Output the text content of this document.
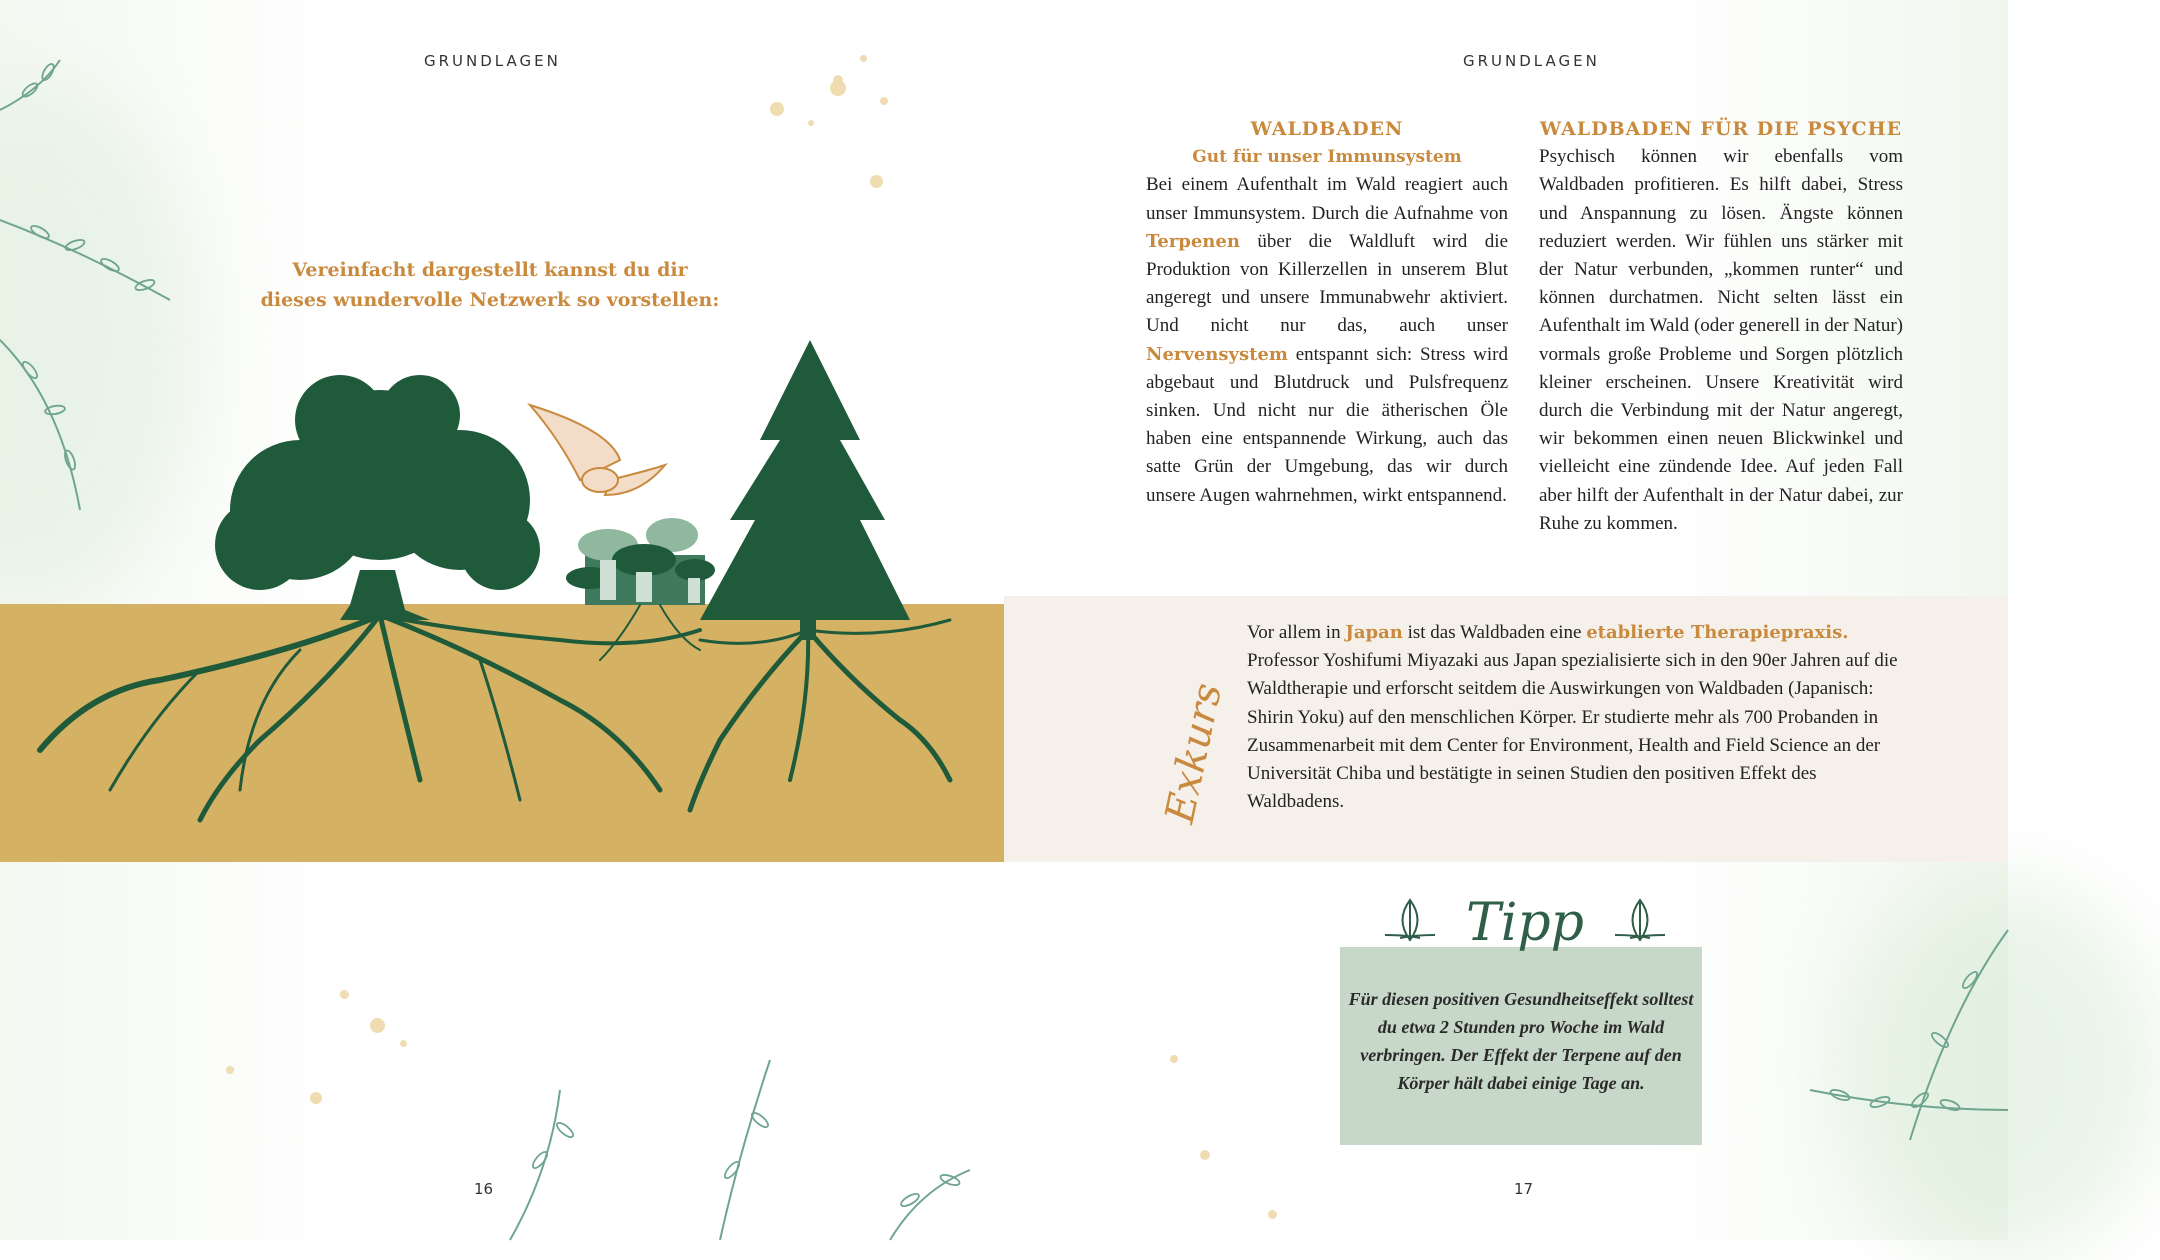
GRUNDLAGEN	GRUNDLAGEN
16	17
Vereinfacht dargestellt kannst du dir
dieses wundervolle Netzwerk so vorstellen:
WALDBADEN

Gut für unser Immunsystem

Bei einem Aufenthalt im Wald reagiert auch unser Immunsystem. Durch die Aufnahme von Terpenen über die Waldluft wird die Produktion von Killerzellen in unserem Blut angeregt und unsere Immunabwehr aktiviert. Und nicht nur das, auch unser Nervensystem entspannt sich: Stress wird abgebaut und Blutdruck und Pulsfrequenz sinken. Und nicht nur die ätherischen Öle haben eine entspannende Wirkung, auch das satte Grün der Umgebung, das wir durch unsere Augen wahrnehmen, wirkt entspannend.

WALDBADEN FÜR DIE PSYCHE

Psychisch können wir ebenfalls vom Waldbaden profitieren. Es hilft dabei, Stress und Anspannung zu lösen. Ängste können reduziert werden. Wir fühlen uns stärker mit der Natur verbunden, „kommen runter“ und können durchatmen. Nicht selten lässt ein Aufenthalt im Wald (oder generell in der Natur) vormals große Probleme und Sorgen plötzlich kleiner erscheinen. Unsere Kreativität wird durch die Verbindung mit der Natur angeregt, wir bekommen einen neuen Blickwinkel und vielleicht eine zündende Idee. Auf jeden Fall aber hilft der Aufenthalt in der Natur dabei, zur Ruhe zu kommen.

Exkurs
Vor allem in Japan ist das Waldbaden eine etablierte Therapiepraxis. Professor Yoshifumi Miyazaki aus Japan spezialisierte sich in den 90er Jahren auf die Waldtherapie und erforscht seitdem die Auswirkungen von Waldbaden (Japanisch: Shirin Yoku) auf den menschlichen Körper. Er studierte mehr als 700 Probanden in Zusammenarbeit mit dem Center for Environment, Health and Field Science an der Universität Chiba und bestätigte in seinen Studien den positiven Effekt des Waldbadens.
Tipp
Für diesen positiven Gesundheitseffekt solltest du etwa 2 Stunden pro Woche im Wald verbringen. Der Effekt der Terpene auf den Körper hält dabei einige Tage an.
